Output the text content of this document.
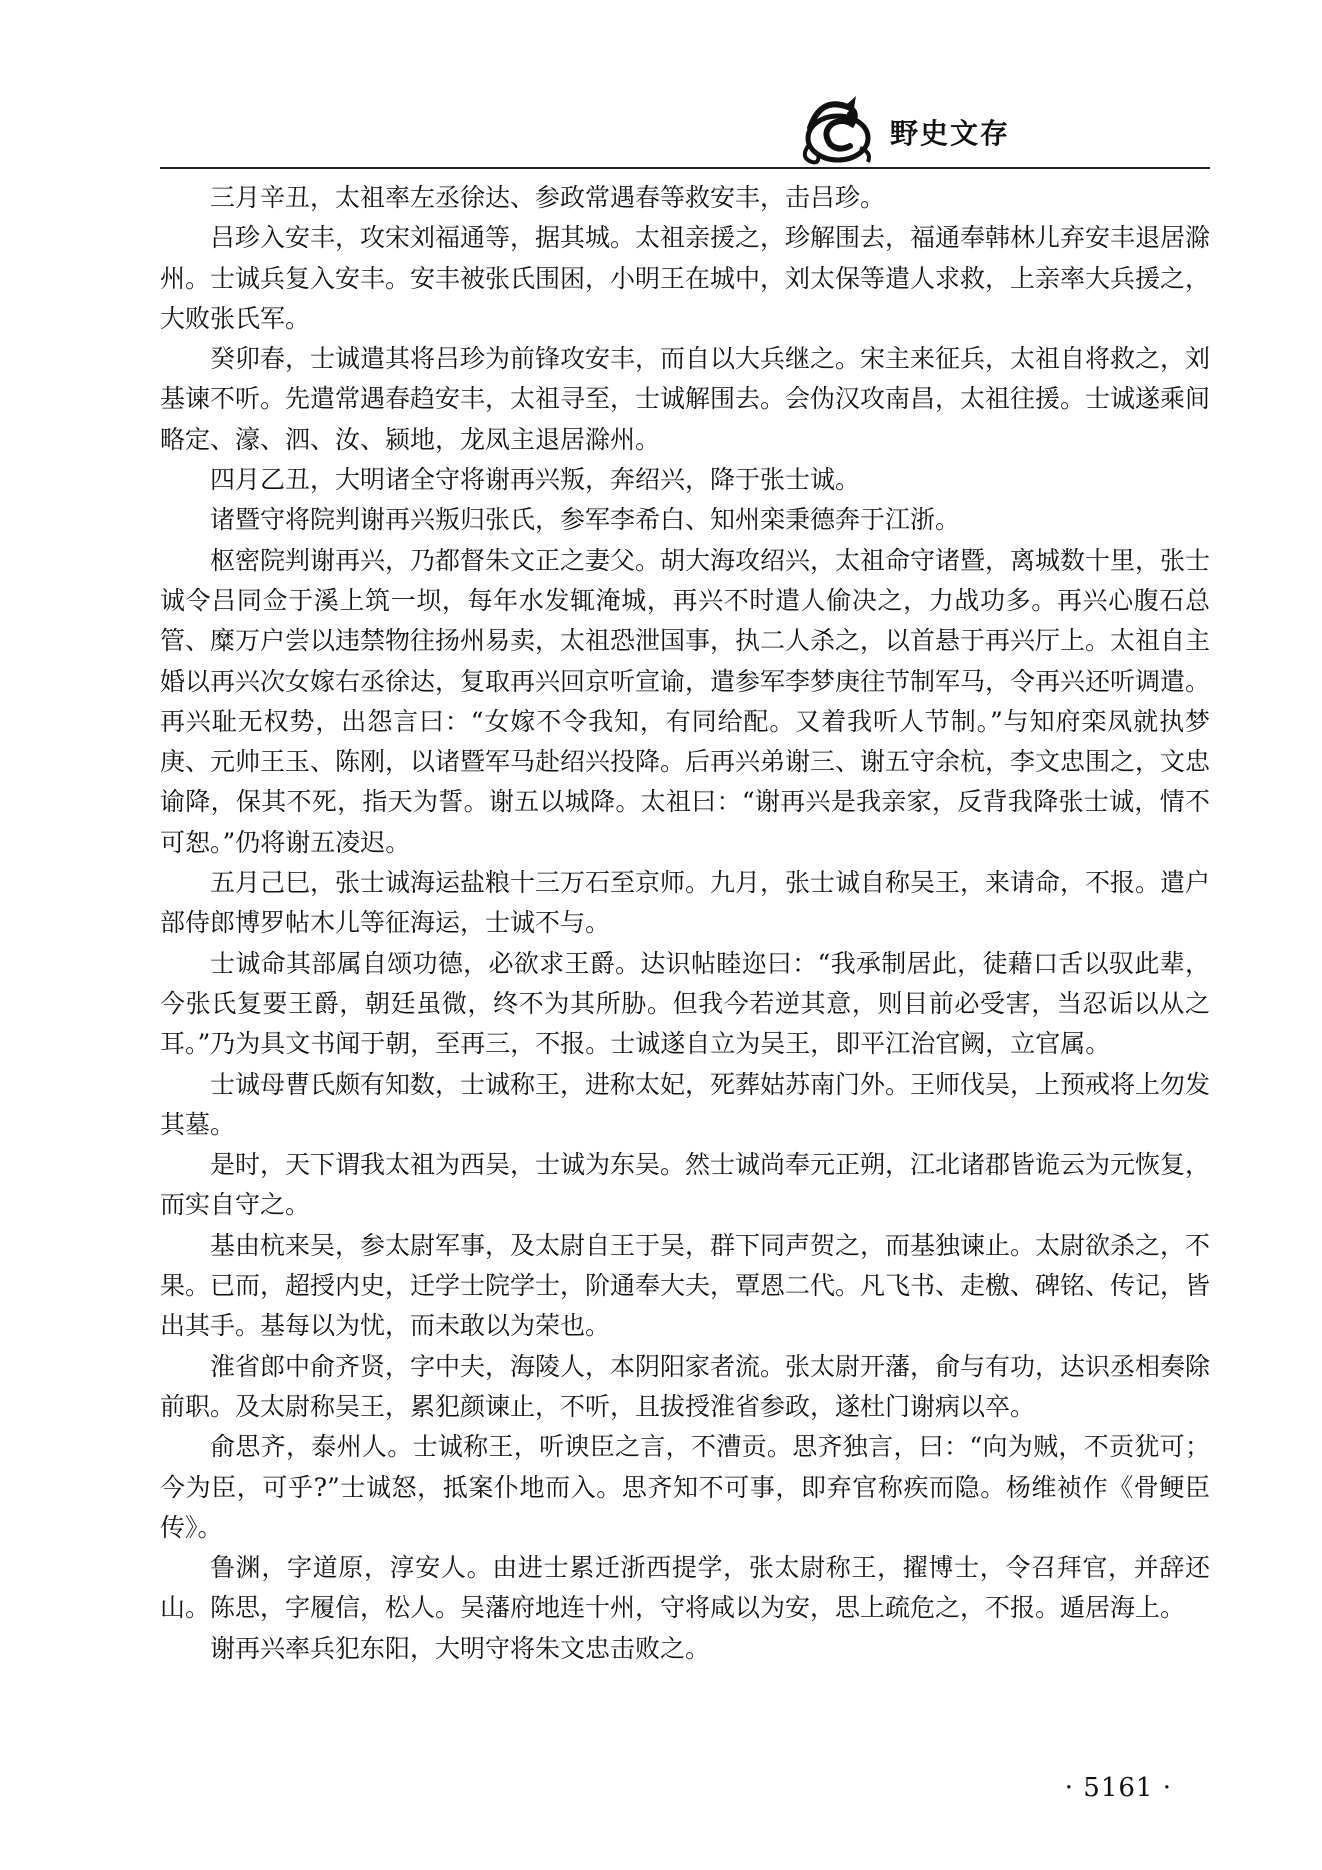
野史文存

三月辛丑，太祖率左丞徐达、参政常遇春等救安丰，击吕珍。

吕珍入安丰，攻宋刘福通等，据其城。太祖亲援之，珍解围去，福通奉韩林儿弃安丰退居滁州。士诚兵复入安丰。安丰被张氏围困，小明王在城中，刘太保等遣人求救，上亲率大兵援之，大败张氏军。

癸卯春，士诚遣其将吕珍为前锋攻安丰，而自以大兵继之。宋主来征兵，太祖自将救之，刘基谏不听。先遣常遇春趋安丰，太祖寻至，士诚解围去。会伪汉攻南昌，太祖往援。士诚遂乘间略定、濠、泗、汝、颍地，龙凤主退居滁州。

四月乙丑，大明诸全守将谢再兴叛，奔绍兴，降于张士诚。

诸暨守将院判谢再兴叛归张氏，参军李希白、知州栾秉德奔于江浙。

枢密院判谢再兴，乃都督朱文正之妻父。胡大海攻绍兴，太祖命守诸暨，离城数十里，张士诚令吕同佥于溪上筑一坝，每年水发辄淹城，再兴不时遣人偷决之，力战功多。再兴心腹石总管、糜万户尝以违禁物往扬州易卖，太祖恐泄国事，执二人杀之，以首悬于再兴厅上。太祖自主婚以再兴次女嫁右丞徐达，复取再兴回京听宣谕，遣参军李梦庚往节制军马，令再兴还听调遣。再兴耻无权势，出怨言曰：“女嫁不令我知，有同给配。又着我听人节制。”与知府栾凤就执梦庚、元帅王玉、陈刚，以诸暨军马赴绍兴投降。后再兴弟谢三、谢五守余杭，李文忠围之，文忠谕降，保其不死，指天为誓。谢五以城降。太祖曰：“谢再兴是我亲家，反背我降张士诚，情不可恕。”仍将谢五凌迟。

五月己巳，张士诚海运盐粮十三万石至京师。九月，张士诚自称吴王，来请命，不报。遣户部侍郎博罗帖木儿等征海运，士诚不与。

士诚命其部属自颂功德，必欲求王爵。达识帖睦迩曰：“我承制居此，徒藉口舌以驭此辈，今张氏复要王爵，朝廷虽微，终不为其所胁。但我今若逆其意，则目前必受害，当忍诟以从之耳。”乃为具文书闻于朝，至再三，不报。士诚遂自立为吴王，即平江治官阙，立官属。

士诚母曹氏颇有知数，士诚称王，进称太妃，死葬姑苏南门外。王师伐吴，上预戒将上勿发其墓。

是时，天下谓我太祖为西吴，士诚为东吴。然士诚尚奉元正朔，江北诸郡皆诡云为元恢复，而实自守之。

基由杭来吴，参太尉军事，及太尉自王于吴，群下同声贺之，而基独谏止。太尉欲杀之，不果。已而，超授内史，迁学士院学士，阶通奉大夫，覃恩二代。凡飞书、走檄、碑铭、传记，皆出其手。基每以为忧，而未敢以为荣也。

淮省郎中俞齐贤，字中夫，海陵人，本阴阳家者流。张太尉开藩，俞与有功，达识丞相奏除前职。及太尉称吴王，累犯颜谏止，不听，且拔授淮省参政，遂杜门谢病以卒。

俞思齐，泰州人。士诚称王，听谀臣之言，不漕贡。思齐独言，曰：“向为贼，不贡犹可；今为臣，可乎?”士诚怒，抵案仆地而入。思齐知不可事，即弃官称疾而隐。杨维祯作《骨鲠臣传》。

鲁渊，字道原，淳安人。由进士累迁浙西提学，张太尉称王，擢博士，令召拜官，并辞还山。陈思，字履信，松人。吴藩府地连十州，守将咸以为安，思上疏危之，不报。遁居海上。

谢再兴率兵犯东阳，大明守将朱文忠击败之。

· 5161 ·
